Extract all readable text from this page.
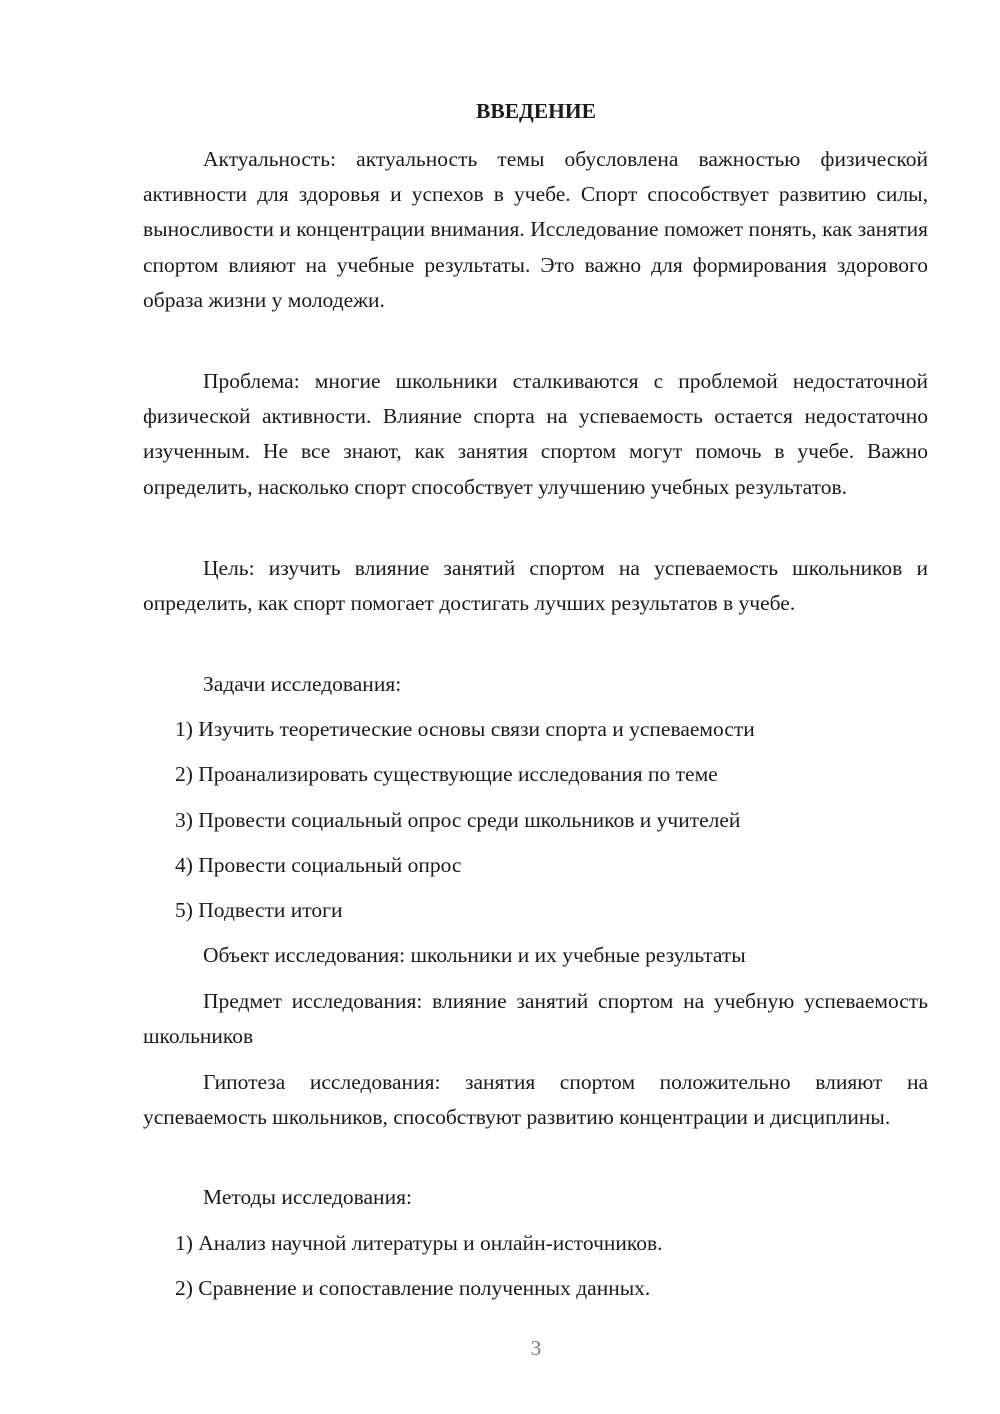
ВВЕДЕНИЕ

Актуальность: актуальность темы обусловлена важностью физической активности для здоровья и успехов в учебе. Спорт способствует развитию силы, выносливости и концентрации внимания. Исследование поможет понять, как занятия спортом влияют на учебные результаты. Это важно для формирования здорового образа жизни у молодежи.

Проблема: многие школьники сталкиваются с проблемой недостаточной физической активности. Влияние спорта на успеваемость остается недостаточно изученным. Не все знают, как занятия спортом могут помочь в учебе. Важно определить, насколько спорт способствует улучшению учебных результатов.

Цель: изучить влияние занятий спортом на успеваемость школьников и определить, как спорт помогает достигать лучших результатов в учебе.

Задачи исследования:

1) Изучить теоретические основы связи спорта и успеваемости

2) Проанализировать существующие исследования по теме

3) Провести социальный опрос среди школьников и учителей

4) Провести социальный опрос

5) Подвести итоги

Объект исследования: школьники и их учебные результаты

Предмет исследования: влияние занятий спортом на учебную успеваемость школьников

Гипотеза исследования: занятия спортом положительно влияют на успеваемость школьников, способствуют развитию концентрации и дисциплины.

Методы исследования:

1) Анализ научной литературы и онлайн-источников.

2) Сравнение и сопоставление полученных данных.

3
